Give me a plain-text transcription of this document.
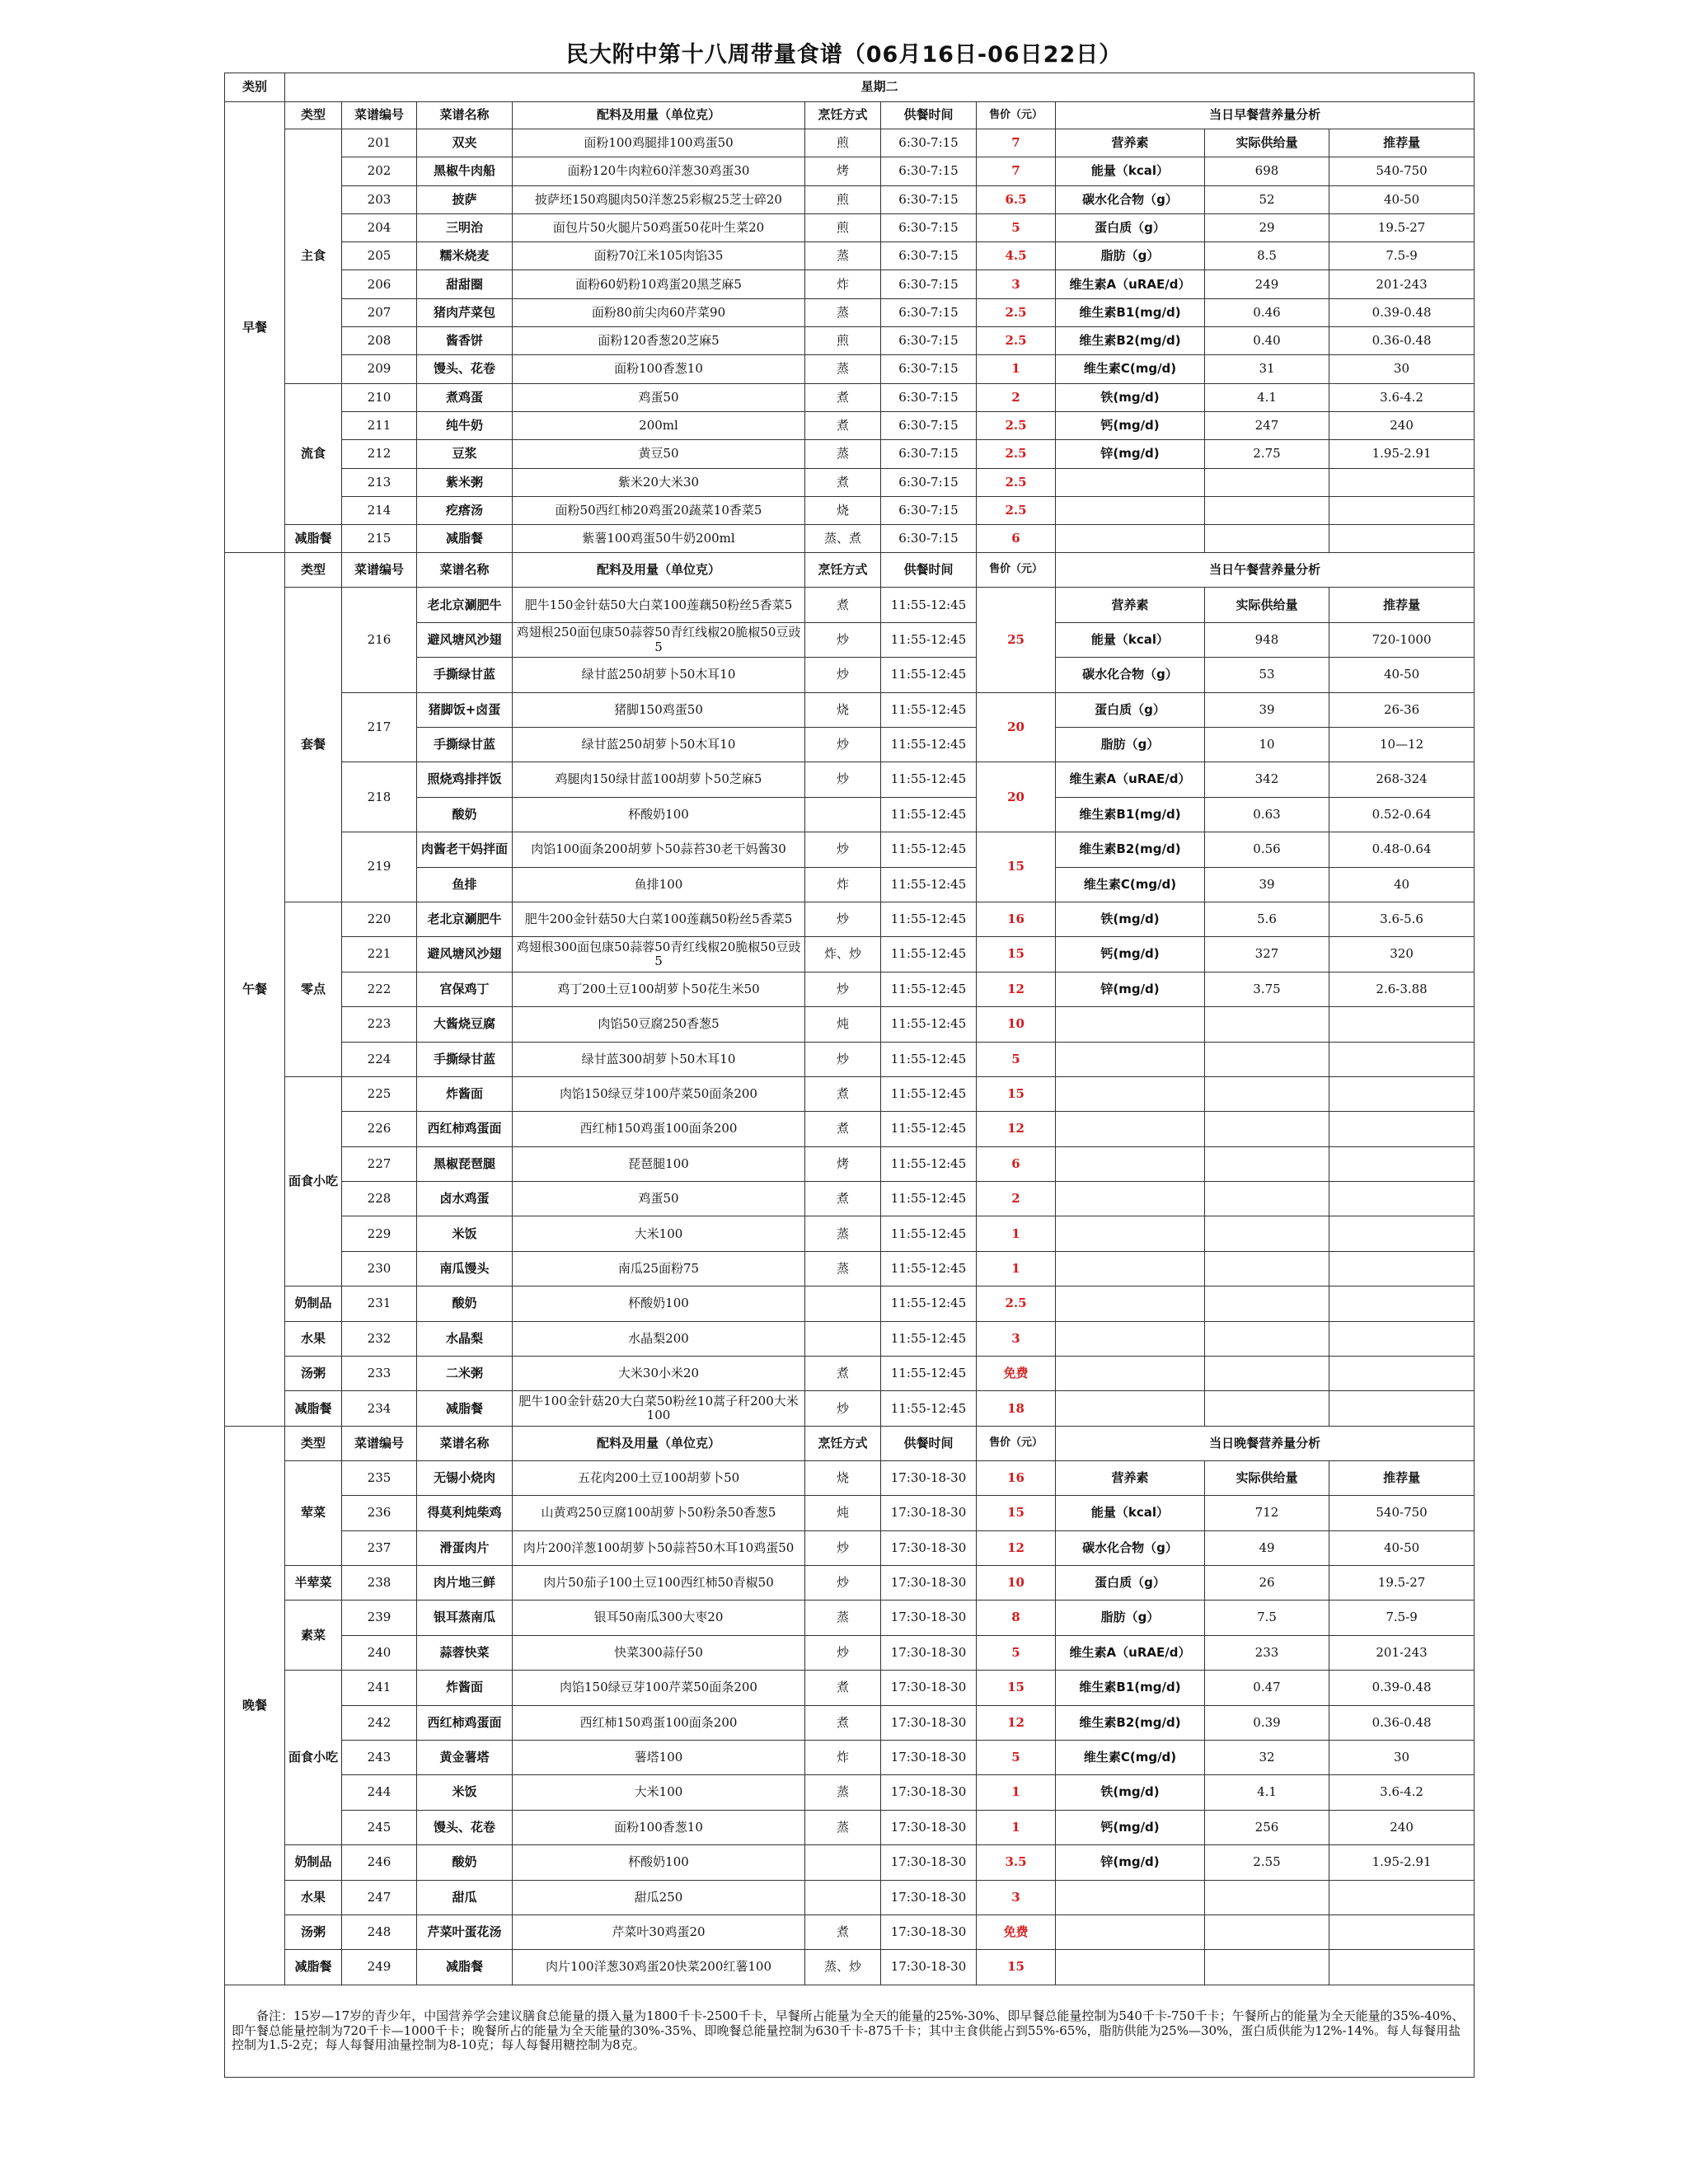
民大附中第十八周带量食谱（06月16日-06日22日）
类别	星期二									
早餐	类型	菜谱编号	菜谱名称	配料及用量（单位克）	烹饪方式	供餐时间	售价（元）	当日早餐营养量分析		
	主食	201	双夹	面粉100鸡腿排100鸡蛋50	煎	6:30-7:15	7	营养素	实际供给量	推荐量
		202	黑椒牛肉船	面粉120牛肉粒60洋葱30鸡蛋30	烤	6:30-7:15	7	能量（kcal）	698	540-750
		203	披萨	披萨坯150鸡腿肉50洋葱25彩椒25芝士碎20	煎	6:30-7:15	6.5	碳水化合物（g）	52	40-50
		204	三明治	面包片50火腿片50鸡蛋50花叶生菜20	煎	6:30-7:15	5	蛋白质（g）	29	19.5-27
		205	糯米烧麦	面粉70江米105肉馅35	蒸	6:30-7:15	4.5	脂肪（g）	8.5	7.5-9
		206	甜甜圈	面粉60奶粉10鸡蛋20黑芝麻5	炸	6:30-7:15	3	维生素A（uRAE/d）	249	201-243
		207	猪肉芹菜包	面粉80前尖肉60芹菜90	蒸	6:30-7:15	2.5	维生素B1(mg/d)	0.46	0.39-0.48
		208	酱香饼	面粉120香葱20芝麻5	煎	6:30-7:15	2.5	维生素B2(mg/d)	0.40	0.36-0.48
		209	馒头、花卷	面粉100香葱10	蒸	6:30-7:15	1	维生素C(mg/d)	31	30
	流食	210	煮鸡蛋	鸡蛋50	煮	6:30-7:15	2	铁(mg/d)	4.1	3.6-4.2
		211	纯牛奶	200ml	煮	6:30-7:15	2.5	钙(mg/d)	247	240
		212	豆浆	黄豆50	蒸	6:30-7:15	2.5	锌(mg/d)	2.75	1.95-2.91
		213	紫米粥	紫米20大米30	煮	6:30-7:15	2.5			
		214	疙瘩汤	面粉50西红柿20鸡蛋20蔬菜10香菜5	烧	6:30-7:15	2.5			
	减脂餐	215	减脂餐	紫薯100鸡蛋50牛奶200ml	蒸、煮	6:30-7:15	6			
午餐	类型	菜谱编号	菜谱名称	配料及用量（单位克）	烹饪方式	供餐时间	售价（元）	当日午餐营养量分析		
	套餐	216	老北京涮肥牛	肥牛150金针菇50大白菜100莲藕50粉丝5香菜5	煮	11:55-12:45	25	营养素	实际供给量	推荐量
			避风塘风沙翅	鸡翅根250面包康50蒜蓉50青红线椒20脆椒50豆豉5	炒	11:55-12:45		能量（kcal）	948	720-1000
			手撕绿甘蓝	绿甘蓝250胡萝卜50木耳10	炒	11:55-12:45		碳水化合物（g）	53	40-50
		217	猪脚饭+卤蛋	猪脚150鸡蛋50	烧	11:55-12:45	20	蛋白质（g）	39	26-36
			手撕绿甘蓝	绿甘蓝250胡萝卜50木耳10	炒	11:55-12:45		脂肪（g）	10	10—12
		218	照烧鸡排拌饭	鸡腿肉150绿甘蓝100胡萝卜50芝麻5	炒	11:55-12:45	20	维生素A（uRAE/d）	342	268-324
			酸奶	杯酸奶100		11:55-12:45		维生素B1(mg/d)	0.63	0.52-0.64
		219	肉酱老干妈拌面	肉馅100面条200胡萝卜50蒜苔30老干妈酱30	炒	11:55-12:45	15	维生素B2(mg/d)	0.56	0.48-0.64
			鱼排	鱼排100	炸	11:55-12:45		维生素C(mg/d)	39	40
	零点	220	老北京涮肥牛	肥牛200金针菇50大白菜100莲藕50粉丝5香菜5	炒	11:55-12:45	16	铁(mg/d)	5.6	3.6-5.6
		221	避风塘风沙翅	鸡翅根300面包康50蒜蓉50青红线椒20脆椒50豆豉5	炸、炒	11:55-12:45	15	钙(mg/d)	327	320
		222	宫保鸡丁	鸡丁200土豆100胡萝卜50花生米50	炒	11:55-12:45	12	锌(mg/d)	3.75	2.6-3.88
		223	大酱烧豆腐	肉馅50豆腐250香葱5	炖	11:55-12:45	10			
		224	手撕绿甘蓝	绿甘蓝300胡萝卜50木耳10	炒	11:55-12:45	5			
	面食小吃	225	炸酱面	肉馅150绿豆芽100芹菜50面条200	煮	11:55-12:45	15			
		226	西红柿鸡蛋面	西红柿150鸡蛋100面条200	煮	11:55-12:45	12			
		227	黑椒琵琶腿	琵琶腿100	烤	11:55-12:45	6			
		228	卤水鸡蛋	鸡蛋50	煮	11:55-12:45	2			
		229	米饭	大米100	蒸	11:55-12:45	1			
		230	南瓜馒头	南瓜25面粉75	蒸	11:55-12:45	1			
	奶制品	231	酸奶	杯酸奶100		11:55-12:45	2.5			
	水果	232	水晶梨	水晶梨200		11:55-12:45	3			
	汤粥	233	二米粥	大米30小米20	煮	11:55-12:45	免费			
	减脂餐	234	减脂餐	肥牛100金针菇20大白菜50粉丝10蒿子秆200大米100	炒	11:55-12:45	18			
晚餐	类型	菜谱编号	菜谱名称	配料及用量（单位克）	烹饪方式	供餐时间	售价（元）	当日晚餐营养量分析		
	荤菜	235	无锡小烧肉	五花肉200土豆100胡萝卜50	烧	17:30-18-30	16	营养素	实际供给量	推荐量
		236	得莫利炖柴鸡	山黄鸡250豆腐100胡萝卜50粉条50香葱5	炖	17:30-18-30	15	能量（kcal）	712	540-750
		237	滑蛋肉片	肉片200洋葱100胡萝卜50蒜苔50木耳10鸡蛋50	炒	17:30-18-30	12	碳水化合物（g）	49	40-50
	半荤菜	238	肉片地三鲜	肉片50茄子100土豆100西红柿50青椒50	炒	17:30-18-30	10	蛋白质（g）	26	19.5-27
	素菜	239	银耳蒸南瓜	银耳50南瓜300大枣20	蒸	17:30-18-30	8	脂肪（g）	7.5	7.5-9
		240	蒜蓉快菜	快菜300蒜仔50	炒	17:30-18-30	5	维生素A（uRAE/d）	233	201-243
	面食小吃	241	炸酱面	肉馅150绿豆芽100芹菜50面条200	煮	17:30-18-30	15	维生素B1(mg/d)	0.47	0.39-0.48
		242	西红柿鸡蛋面	西红柿150鸡蛋100面条200	煮	17:30-18-30	12	维生素B2(mg/d)	0.39	0.36-0.48
		243	黄金薯塔	薯塔100	炸	17:30-18-30	5	维生素C(mg/d)	32	30
		244	米饭	大米100	蒸	17:30-18-30	1	铁(mg/d)	4.1	3.6-4.2
		245	馒头、花卷	面粉100香葱10	蒸	17:30-18-30	1	钙(mg/d)	256	240
	奶制品	246	酸奶	杯酸奶100		17:30-18-30	3.5	锌(mg/d)	2.55	1.95-2.91
	水果	247	甜瓜	甜瓜250		17:30-18-30	3			
	汤粥	248	芹菜叶蛋花汤	芹菜叶30鸡蛋20	煮	17:30-18-30	免费			
	减脂餐	249	减脂餐	肉片100洋葱30鸡蛋20快菜200红薯100	蒸、炒	17:30-18-30	15			
备注：15岁—17岁的青少年，中国营养学会建议膳食总能量的摄入量为1800千卡-2500千卡，早餐所占能量为全天的能量的25%-30%、即早餐总能量控制为540千卡-750千卡；午餐所占的能量为全天能量的35%-40%、即午餐总能量控制为720千卡—1000千卡；晚餐所占的能量为全天能量的30%-35%、即晚餐总能量控制为630千卡-875千卡；其中主食供能占到55%-65%，脂肪供能为25%—30%，蛋白质供能为12%-14%。每人每餐用盐控制为1.5-2克；每人每餐用油量控制为8-10克；每人每餐用糖控制为8克。										
